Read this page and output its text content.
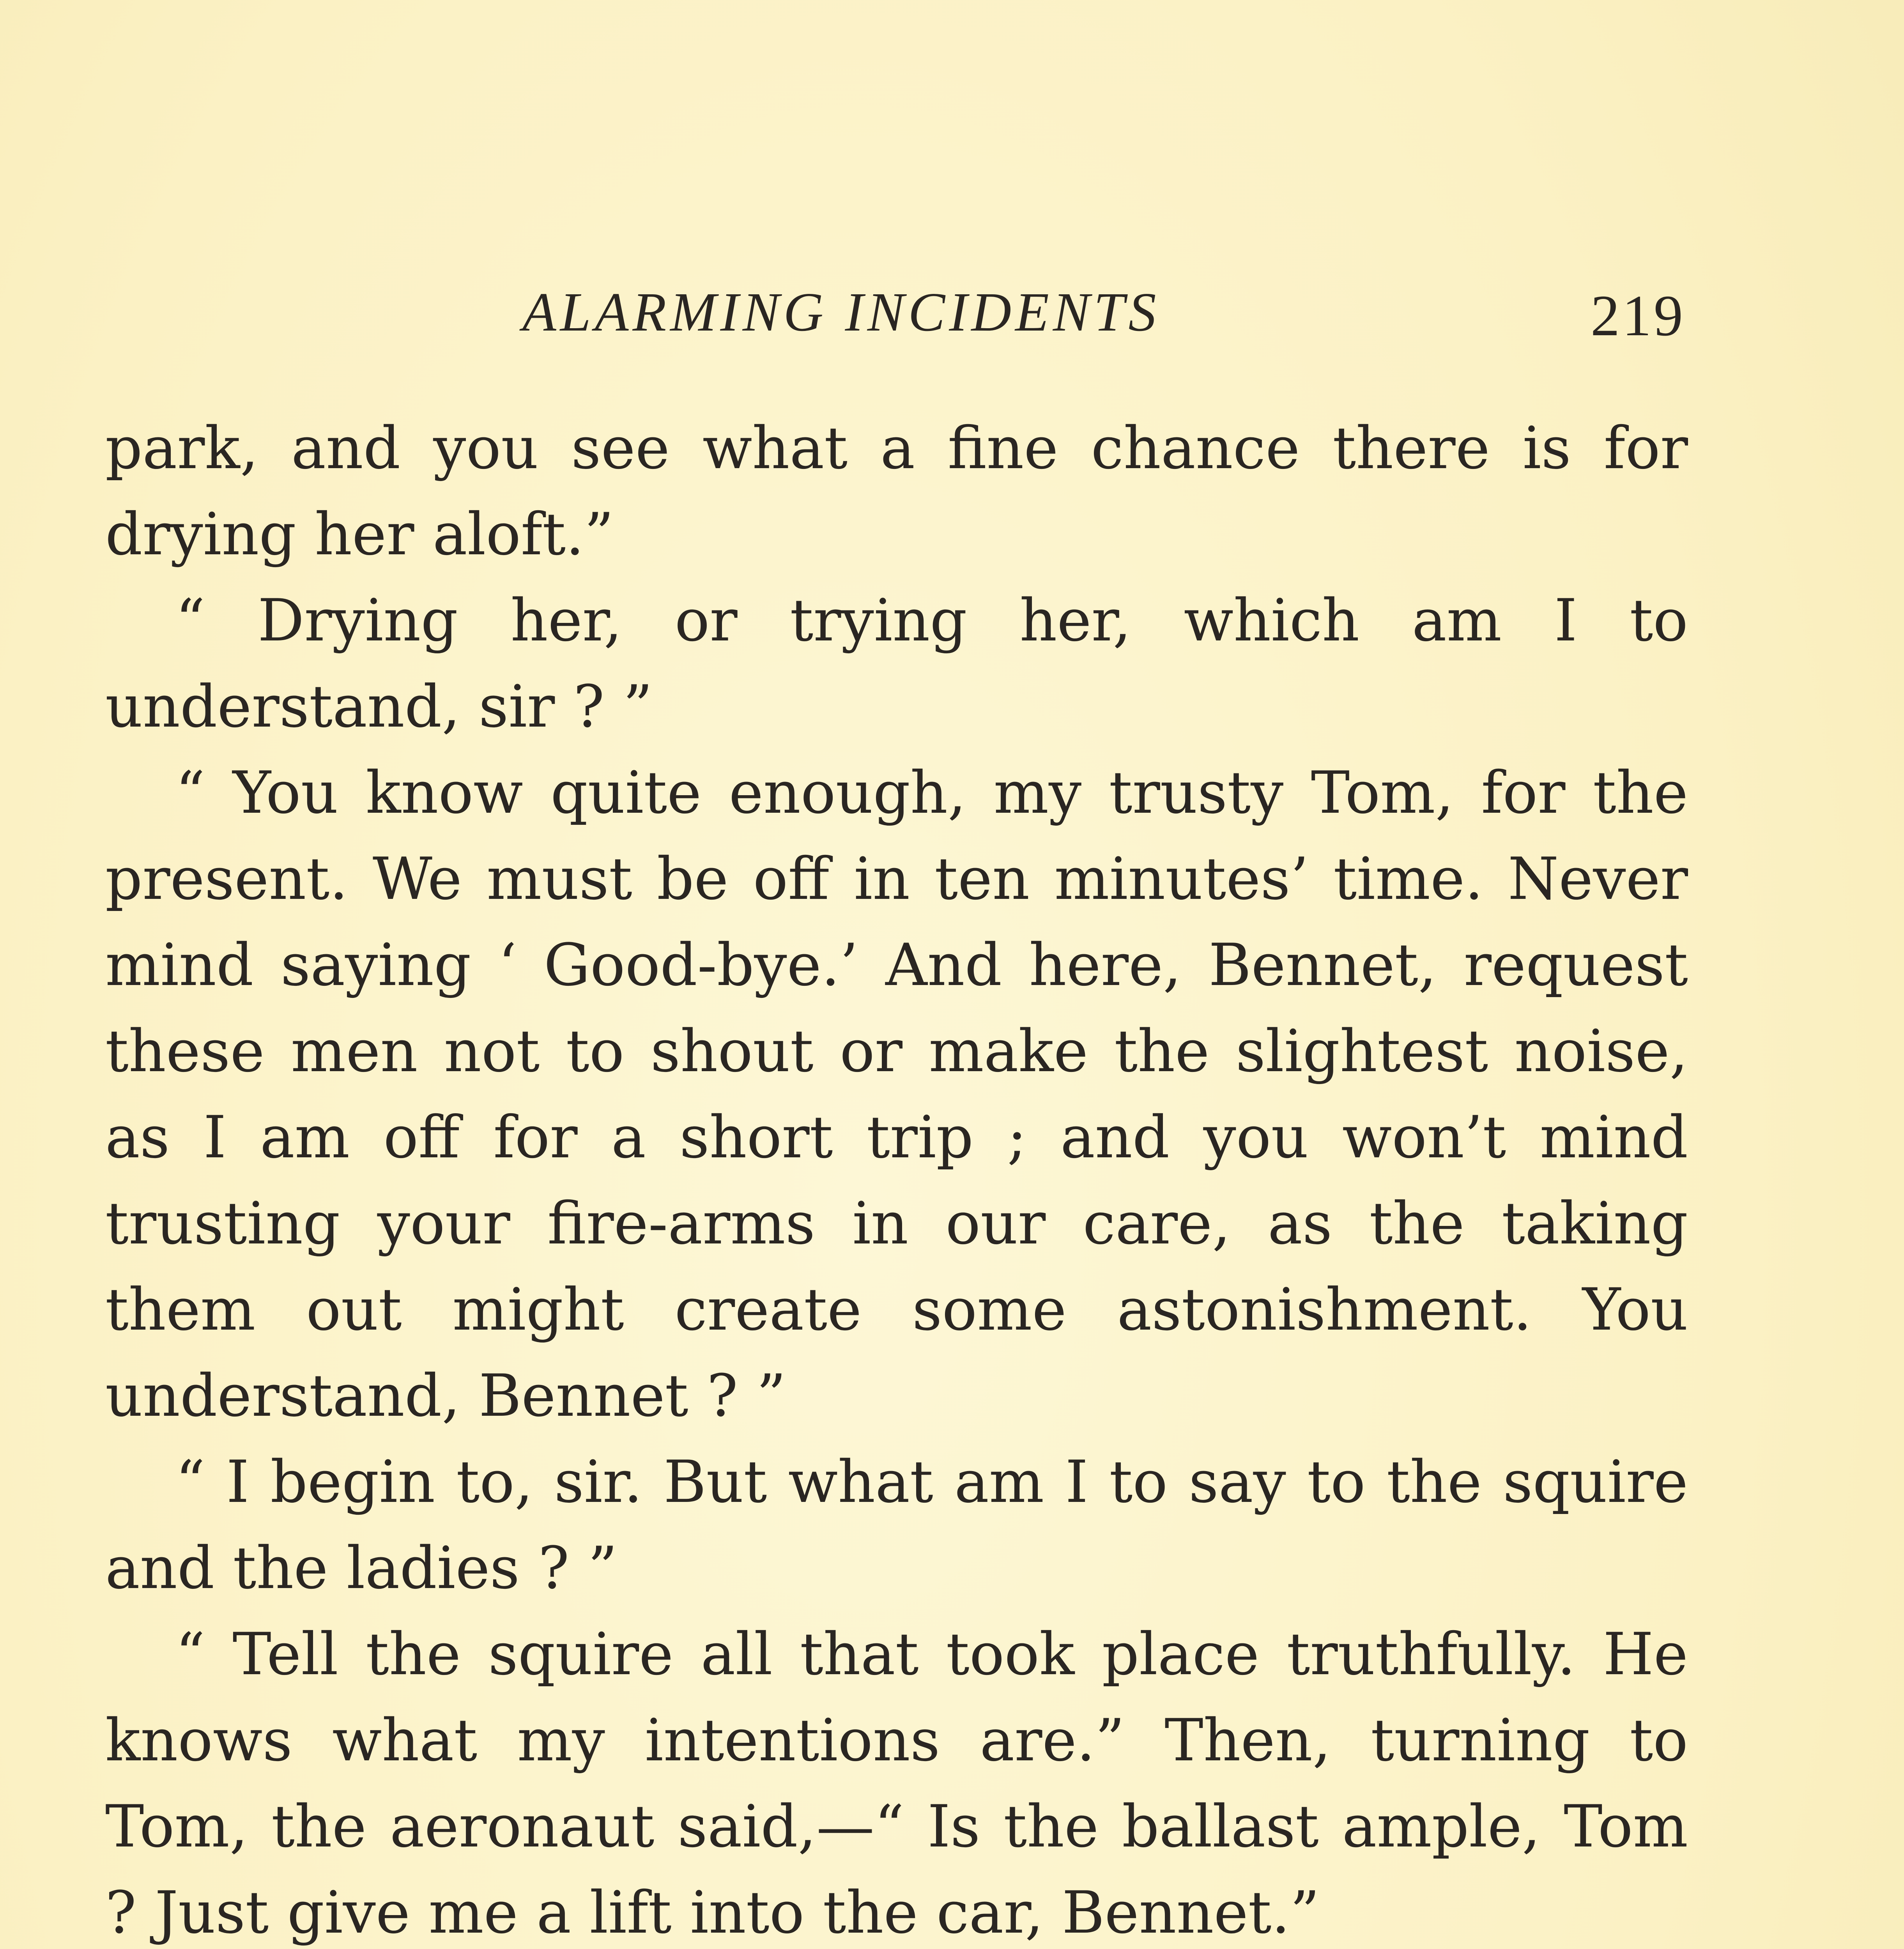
ALARMING INCIDENTS	219

park, and you see what a fine chance there is for drying her aloft.”

“ Drying her, or trying her, which am I to understand, sir ? ”

“ You know quite enough, my trusty Tom, for the present. We must be off in ten minutes’ time. Never mind saying ‘ Good-bye.’ And here, Bennet, request these men not to shout or make the slightest noise, as I am off for a short trip ; and you won’t mind trusting your fire-arms in our care, as the taking them out might create some astonishment. You understand, Bennet ? ”

“ I begin to, sir. But what am I to say to the squire and the ladies ? ”

“ Tell the squire all that took place truthfully. He knows what my intentions are.” Then, turning to Tom, the aeronaut said,—“ Is the ballast ample, Tom ? Just give me a lift into the car, Bennet.”
